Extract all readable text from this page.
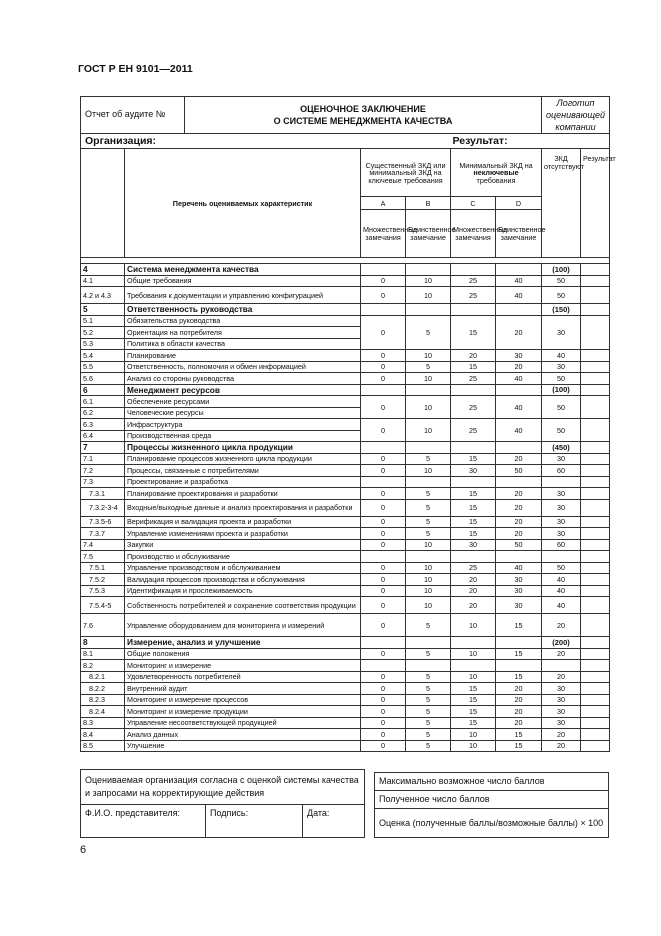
ГОСТ Р ЕН 9101—2011
Отчет об аудите №		ОЦЕНОЧНОЕ ЗАКЛЮЧЕНИЕ
О СИСТЕМЕ МЕНЕДЖМЕНТА КАЧЕСТВА					Логотип оценивающей компании	
Организация:			Результат:					
	Перечень оцениваемых характеристик		Существенный ЗКД или минимальный ЗКД на ключевые требования		Минимальный ЗКД на неключевые требования		ЗКД отсутствуют	Результат
			А	В	С	D		
			Множественные замечания	Единственное замечание	Множественные замечания	Единственное замечание		

4	Система менеджмента качества						(100)	
4.1	Общие требования		0	10	25	40	50	
4.2 и 4.3	Требования к документации и управлению конфигурацией		0	10	25	40	50	
5	Ответственность руководства						(150)	
5.1	Обязательства руководства		0	5	15	20	30	
5.2	Ориентация на потребителя							
5.3	Политика в области качества							
5.4	Планирование		0	10	20	30	40	
5.5	Ответственность, полномочия и обмен информацией		0	5	15	20	30	
5.6	Анализ со стороны руководства		0	10	25	40	50	
6	Менеджмент ресурсов						(100)	
6.1	Обеспечение ресурсами		0	10	25	40	50	
6.2	Человеческие ресурсы							
6.3	Инфраструктура		0	10	25	40	50	
6.4	Производственная среда							
7	Процессы жизненного цикла продукции						(450)	
7.1	Планирование процессов жизненного цикла продукции		0	5	15	20	30	
7.2	Процессы, связанные с потребителями		0	10	30	50	60	
7.3	Проектирование и разработка							
7.3.1	Планирование проектирования и разработки		0	5	15	20	30	
7.3.2-3-4	Входные/выходные данные и анализ проектирования и разработки		0	5	15	20	30	
7.3.5-6	Верификация и валидация проекта и разработки		0	5	15	20	30	
7.3.7	Управление изменениями проекта и разработки		0	5	15	20	30	
7.4	Закупки		0	10	30	50	60	
7.5	Производство и обслуживание							
7.5.1	Управление производством и обслуживанием		0	10	25	40	50	
7.5.2	Валидация процессов производства и обслуживания		0	10	20	30	40	
7.5.3	Идентификация и прослеживаемость		0	10	20	30	40	
7.5.4-5	Собственность потребителей и сохранение соответствия продукции		0	10	20	30	40	
7.6	Управление оборудованием для мониторинга и измерений		0	5	10	15	20	
8	Измерение, анализ и улучшение						(200)	
8.1	Общие положения		0	5	10	15	20	
8.2	Мониторинг и измерение							
8.2.1	Удовлетворенность потребителей		0	5	10	15	20	
8.2.2	Внутренний аудит		0	5	15	20	30	
8.2.3	Мониторинг и измерение процессов		0	5	15	20	30	
8.2.4	Мониторинг и измерение продукции		0	5	15	20	30	
8.3	Управление несоответствующей продукцией		0	5	15	20	30	
8.4	Анализ данных		0	5	10	15	20	
8.5	Улучшение		0	5	10	15	20	
Оцениваемая организация согласна с оценкой системы качества и запросами на корректирующие действия
Ф.И.О. представителя:	Подпись:	Дата:
Максимально возможное число баллов
Полученное число баллов
Оценка (полученные баллы/возможные баллы) × 100
6
